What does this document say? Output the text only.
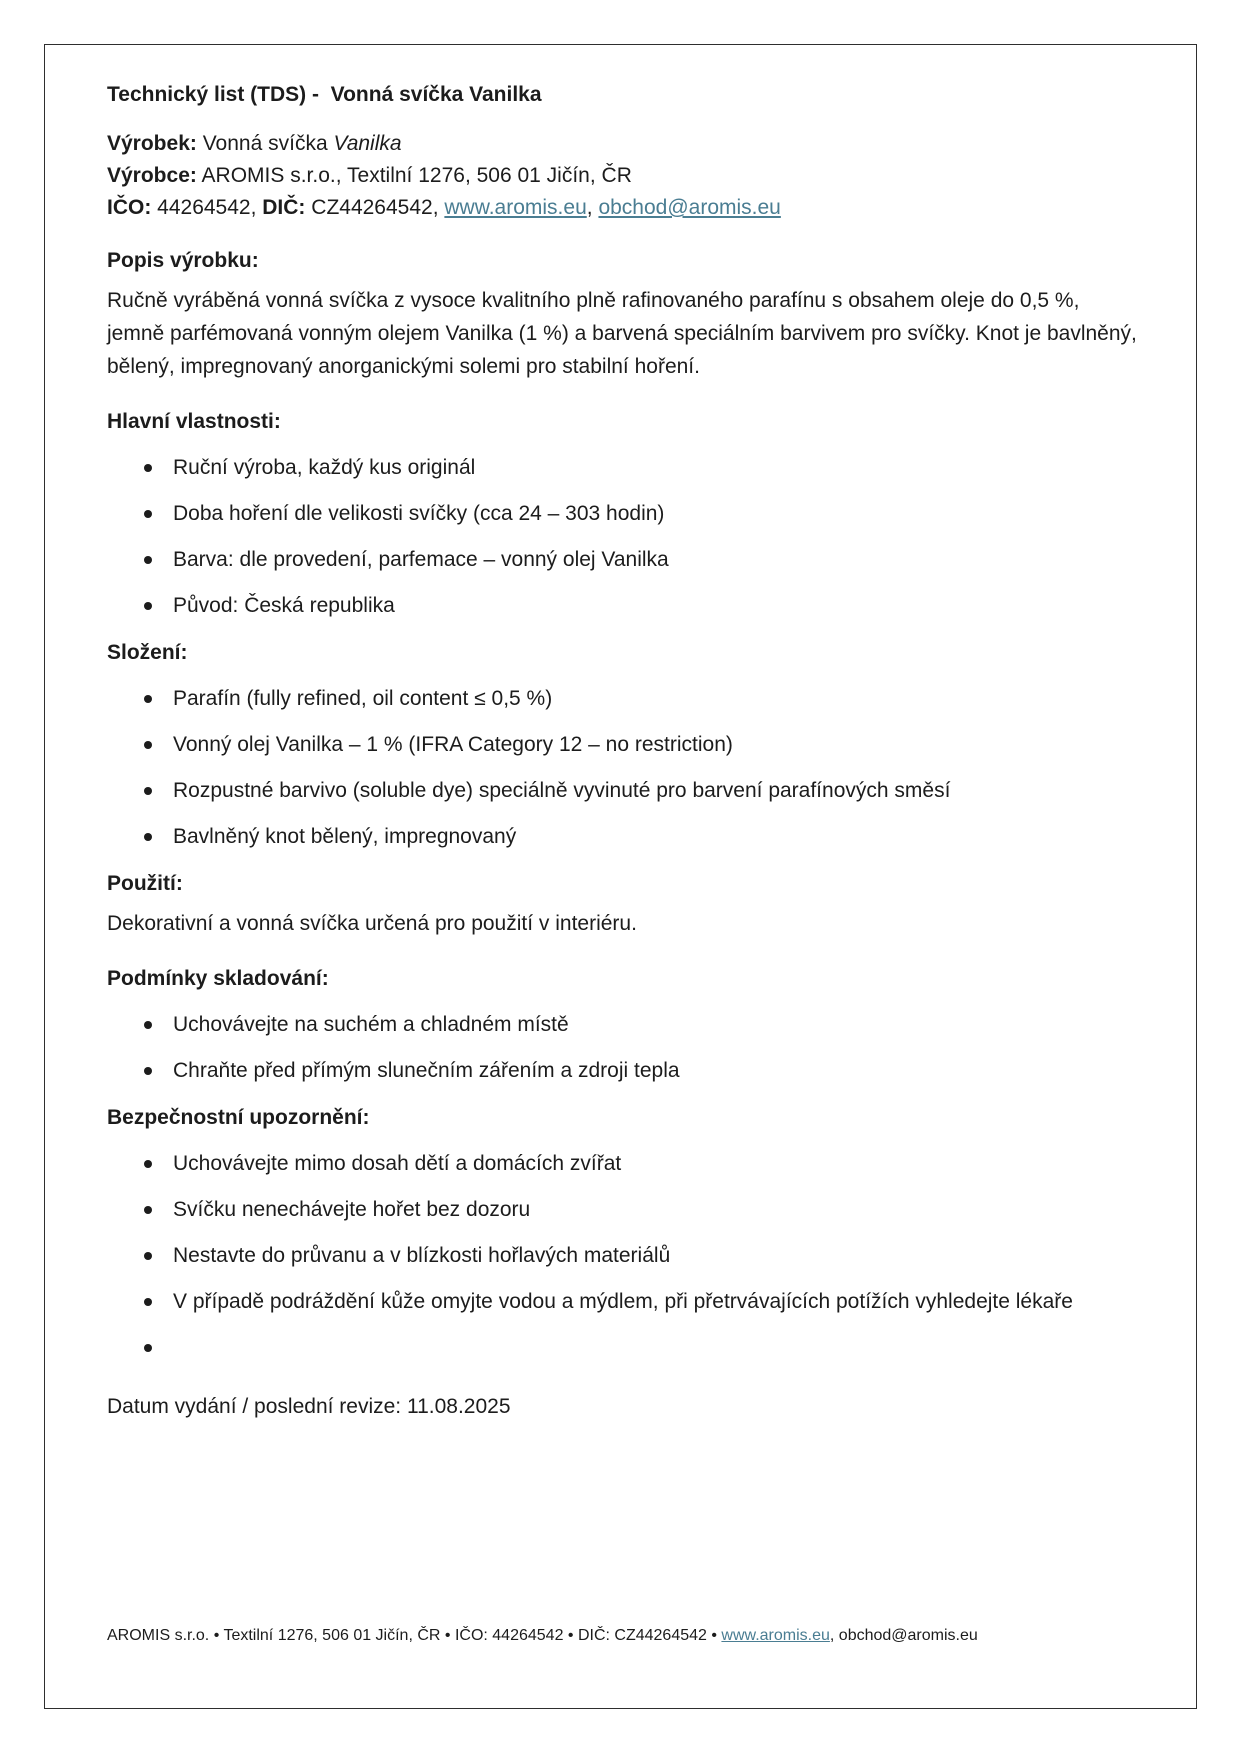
Technický list (TDS) -  Vonná svíčka Vanilka

Výrobek: Vonná svíčka Vanilka

Výrobce: AROMIS s.r.o., Textilní 1276, 506 01 Jičín, ČR

IČO: 44264542, DIČ: CZ44264542, www.aromis.eu, obchod@aromis.eu

Popis výrobku:

Ručně vyráběná vonná svíčka z vysoce kvalitního plně rafinovaného parafínu s obsahem oleje do 0,5 %, jemně parfémovaná vonným olejem Vanilka (1 %) a barvená speciálním barvivem pro svíčky. Knot je bavlněný, bělený, impregnovaný anorganickými solemi pro stabilní hoření.

Hlavní vlastnosti:
Ruční výroba, každý kus originál
Doba hoření dle velikosti svíčky (cca 24 – 303 hodin)
Barva: dle provedení, parfemace – vonný olej Vanilka
Původ: Česká republika
Složení:
Parafín (fully refined, oil content ≤ 0,5 %)
Vonný olej Vanilka – 1 % (IFRA Category 12 – no restriction)
Rozpustné barvivo (soluble dye) speciálně vyvinuté pro barvení parafínových směsí
Bavlněný knot bělený, impregnovaný
Použití:

Dekorativní a vonná svíčka určená pro použití v interiéru.

Podmínky skladování:
Uchovávejte na suchém a chladném místě
Chraňte před přímým slunečním zářením a zdroji tepla
Bezpečnostní upozornění:
Uchovávejte mimo dosah dětí a domácích zvířat
Svíčku nenechávejte hořet bez dozoru
Nestavte do průvanu a v blízkosti hořlavých materiálů
V případě podráždění kůže omyjte vodou a mýdlem, při přetrvávajících potížích vyhledejte lékaře

Datum vydání / poslední revize: 11.08.2025

AROMIS s.r.o. • Textilní 1276, 506 01 Jičín, ČR • IČO: 44264542 • DIČ: CZ44264542 • www.aromis.eu, obchod@aromis.eu
